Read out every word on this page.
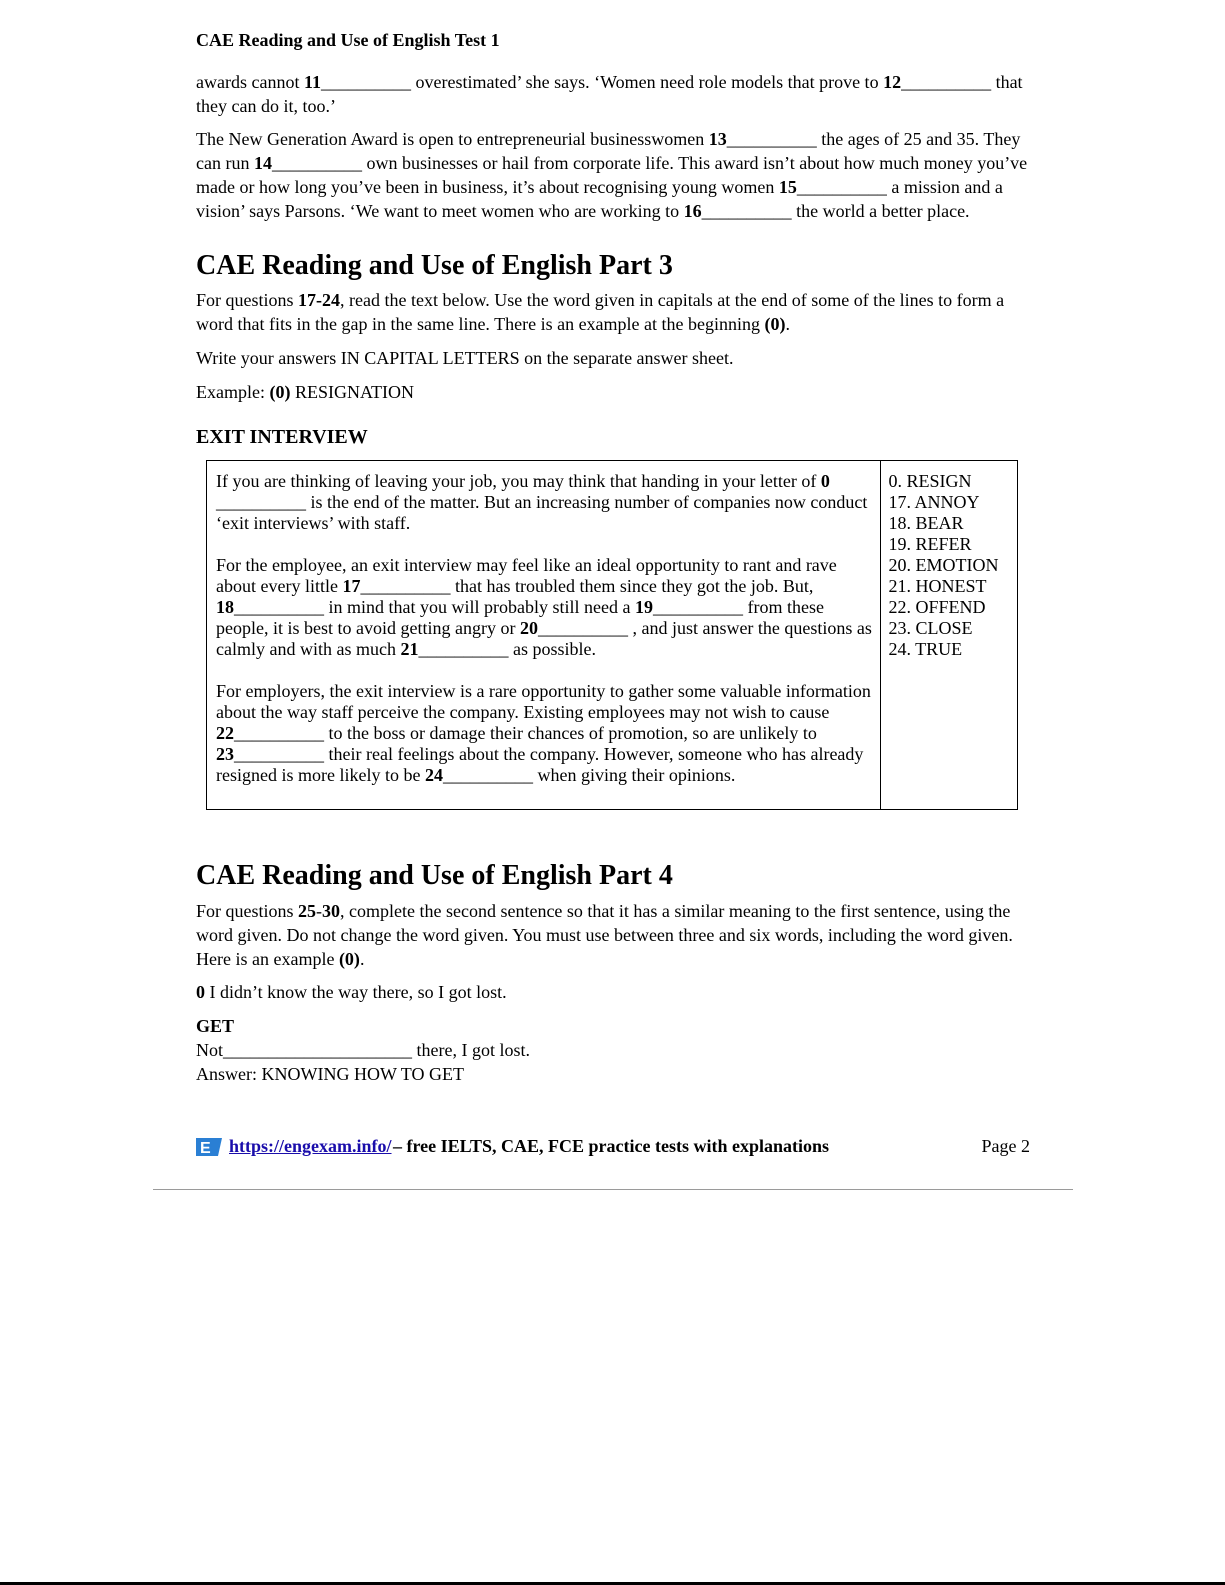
CAE Reading and Use of English Test 1

awards cannot 11__________ overestimated’ she says. ‘Women need role models that prove to 12__________ that they can do it, too.’

The New Generation Award is open to entrepreneurial businesswomen 13__________ the ages of 25 and 35. They can run 14__________ own businesses or hail from corporate life. This award isn’t about how much money you’ve made or how long you’ve been in business, it’s about recognising young women 15__________ a mission and a vision’ says Parsons. ‘We want to meet women who are working to 16__________ the world a better place.

CAE Reading and Use of English Part 3

For questions 17-24, read the text below. Use the word given in capitals at the end of some of the lines to form a word that fits in the gap in the same line. There is an example at the beginning (0).

Write your answers IN CAPITAL LETTERS on the separate answer sheet.

Example: (0) RESIGNATION

EXIT INTERVIEW

If you are thinking of leaving your job, you may think that handing in your letter of 0 __________ is the end of the matter. But an increasing number of companies now conduct ‘exit interviews’ with staff.

For the employee, an exit interview may feel like an ideal opportunity to rant and rave about every little 17__________ that has troubled them since they got the job. But, 18__________ in mind that you will probably still need a 19__________ from these people, it is best to avoid getting angry or 20__________ , and just answer the questions as calmly and with as much 21__________ as possible.

For employers, the exit interview is a rare opportunity to gather some valuable information about the way staff perceive the company. Existing employees may not wish to cause 22__________ to the boss or damage their chances of promotion, so are unlikely to 23__________ their real feelings about the company. However, someone who has already resigned is more likely to be 24__________ when giving their opinions.

0. RESIGN
17. ANNOY
18. BEAR
19. REFER
20. EMOTION
21. HONEST
22. OFFEND
23. CLOSE
24. TRUE
CAE Reading and Use of English Part 4

For questions 25-30, complete the second sentence so that it has a similar meaning to the first sentence, using the word given. Do not change the word given. You must use between three and six words, including the word given. Here is an example (0).

0 I didn’t know the way there, so I got lost.

GET

Not_____________________ there, I got lost.

Answer: KNOWING HOW TO GET

E https://engexam.info/ – free IELTS, CAE, FCE practice tests with explanations	Page 2
